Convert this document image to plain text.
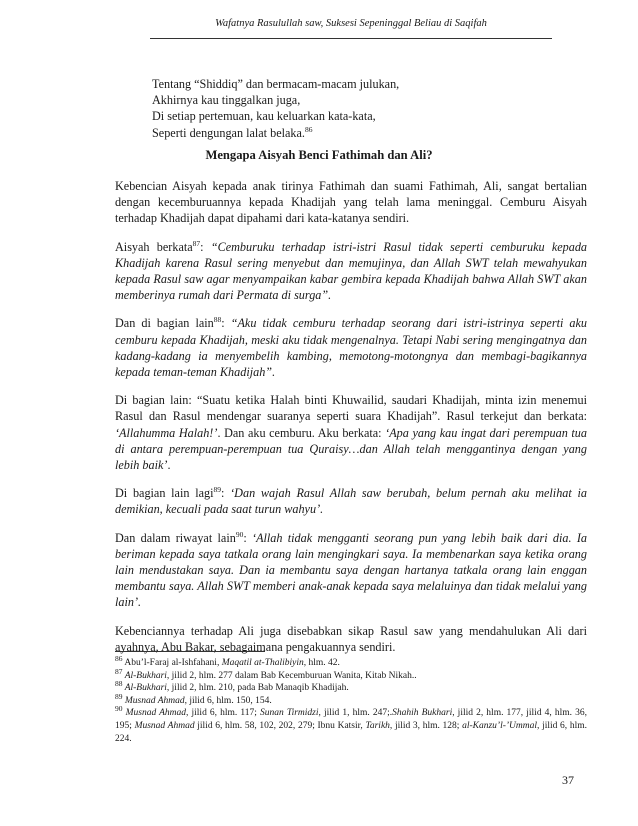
Wafatnya Rasulullah saw, Suksesi Sepeninggal Beliau di Saqifah
Tentang “Shiddiq” dan bermacam-macam julukan,
Akhirnya kau tinggalkan juga,
Di setiap pertemuan, kau keluarkan kata-kata,
Seperti dengungan lalat belaka.$^{86}$
Mengapa Aisyah Benci Fathimah dan Ali?

Kebencian Aisyah kepada anak tirinya Fathimah dan suami Fathimah, Ali, sangat bertalian dengan kecemburuannya kepada Khadijah yang telah lama meninggal. Cemburu Aisyah terhadap Khadijah dapat dipahami dari kata-katanya sendiri.

Aisyah berkata$^{87}$: “Cemburuku terhadap istri-istri Rasul tidak seperti cemburuku kepada Khadijah karena Rasul sering menyebut dan memujinya, dan Allah SWT telah mewahyukan kepada Rasul saw agar menyampaikan kabar gembira kepada Khadijah bahwa Allah SWT akan memberinya rumah dari Permata di surga”.

Dan di bagian lain$^{88}$: “Aku tidak cemburu terhadap seorang dari istri-istrinya seperti aku cemburu kepada Khadijah, meski aku tidak mengenalnya. Tetapi Nabi sering mengingatnya dan kadang-kadang ia menyembelih kambing, memotong-motongnya dan membagi-bagikannya kepada teman-teman Khadijah”.

Di bagian lain: “Suatu ketika Halah binti Khuwailid, saudari Khadijah, minta izin menemui Rasul dan Rasul mendengar suaranya seperti suara Khadijah”. Rasul terkejut dan berkata: ‘Allahumma Halah!’. Dan aku cemburu. Aku berkata: ‘Apa yang kau ingat dari perempuan tua di antara perempuan-perempuan tua Quraisy…dan Allah telah menggantinya dengan yang lebih baik’.

Di bagian lain lagi$^{89}$: ‘Dan wajah Rasul Allah saw berubah, belum pernah aku melihat ia demikian, kecuali pada saat turun wahyu’.

Dan dalam riwayat lain$^{90}$: ‘Allah tidak mengganti seorang pun yang lebih baik dari dia. Ia beriman kepada saya tatkala orang lain mengingkari saya. Ia membenarkan saya ketika orang lain mendustakan saya. Dan ia membantu saya dengan hartanya tatkala orang lain enggan membantu saya. Allah SWT memberi anak-anak kepada saya melaluinya dan tidak melalui yang lain’.

Kebenciannya terhadap Ali juga disebabkan sikap Rasul saw yang mendahulukan Ali dari ayahnya, Abu Bakar, sebagaimana pengakuannya sendiri.

$^{86}$ Abu’l-Faraj al-Ishfahani, Maqatil at-Thalibiyin, hlm. 42.
$^{87}$ Al-Bukhari, jilid 2, hlm. 277 dalam Bab Kecemburuan Wanita, Kitab Nikah..
$^{88}$ Al-Bukhari, jilid 2, hlm. 210, pada Bab Manaqib Khadijah.
$^{89}$ Musnad Ahmad, jilid 6, hlm. 150, 154.
$^{90}$ Musnad Ahmad, jilid 6, hlm. 117; Sunan Tirmidzi, jilid 1, hlm. 247;.Shahih Bukhari, jilid 2, hlm. 177, jilid 4, hlm. 36, 195; Musnad Ahmad jilid 6, hlm. 58, 102, 202, 279; Ibnu Katsir, Tarikh, jilid 3, hlm. 128; al-Kanzu’l-’Ummal, jilid 6, hlm. 224.
37
